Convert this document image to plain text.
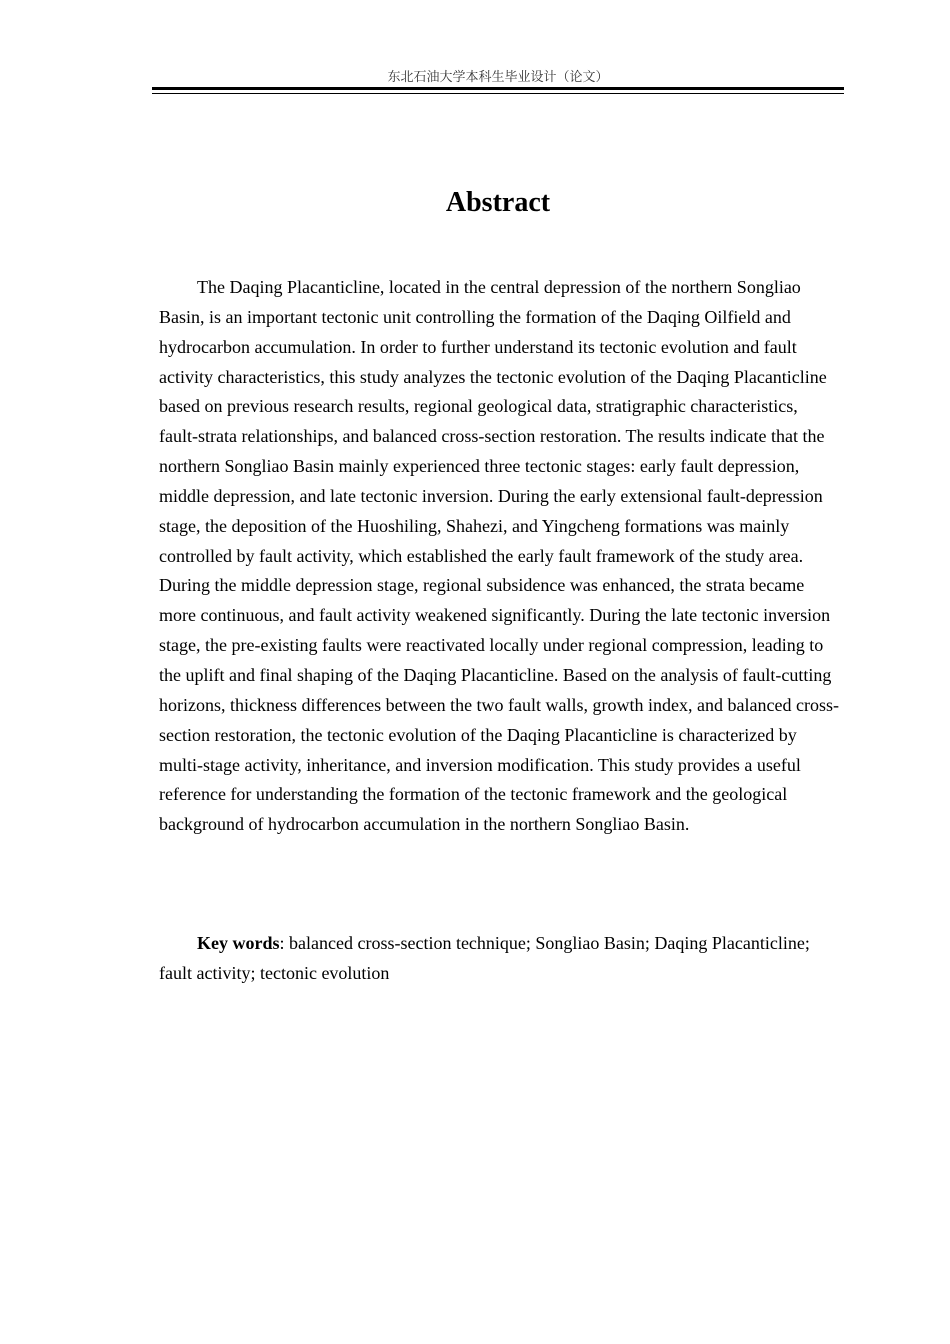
东北石油大学本科生毕业设计（论文）
Abstract

The Daqing Placanticline, located in the central depression of the northern Songliao Basin, is an important tectonic unit controlling the formation of the Daqing Oilfield and hydrocarbon accumulation. In order to further understand its tectonic evolution and fault activity characteristics, this study analyzes the tectonic evolution of the Daqing Placanticline based on previous research results, regional geological data, stratigraphic characteristics, fault-strata relationships, and balanced cross-section restoration. The results indicate that the northern Songliao Basin mainly experienced three tectonic stages: early fault depression, middle depression, and late tectonic inversion. During the early extensional fault-depression stage, the deposition of the Huoshiling, Shahezi, and Yingcheng formations was mainly controlled by fault activity, which established the early fault framework of the study area. During the middle depression stage, regional subsidence was enhanced, the strata became more continuous, and fault activity weakened significantly. During the late tectonic inversion stage, the pre-existing faults were reactivated locally under regional compression, leading to the uplift and final shaping of the Daqing Placanticline. Based on the analysis of fault-cutting horizons, thickness differences between the two fault walls, growth index, and balanced cross-section restoration, the tectonic evolution of the Daqing Placanticline is characterized by multi-stage activity, inheritance, and inversion modification. This study provides a useful reference for understanding the formation of the tectonic framework and the geological background of hydrocarbon accumulation in the northern Songliao Basin.

Key words: balanced cross-section technique; Songliao Basin; Daqing Placanticline; fault activity; tectonic evolution
